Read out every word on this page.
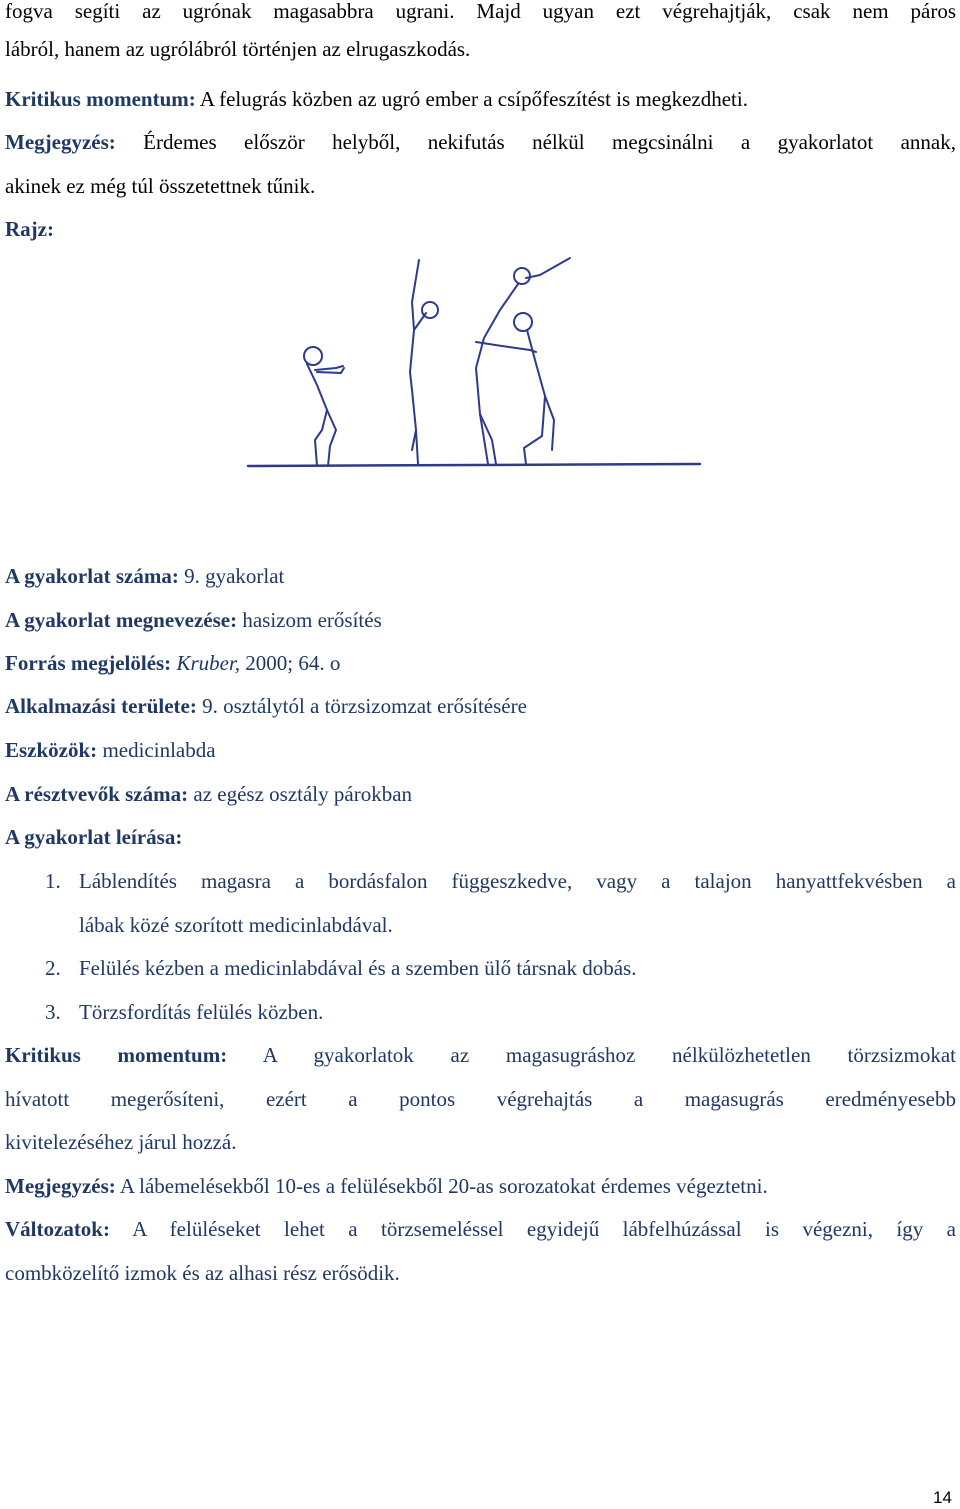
fogva segíti az ugrónak magasabbra ugrani. Majd ugyan ezt végrehajtják, csak nem páros
lábról, hanem az ugrólábról történjen az elrugaszkodás.
Kritikus momentum: A felugrás közben az ugró ember a csípőfeszítést is megkezdheti.
Megjegyzés: Érdemes először helyből, nekifutás nélkül megcsinálni a gyakorlatot annak,
akinek ez még túl összetettnek tűnik.
Rajz:
A gyakorlat száma: 9. gyakorlat
A gyakorlat megnevezése: hasizom erősítés
Forrás megjelölés: Kruber, 2000; 64. o
Alkalmazási területe: 9. osztálytól a törzsizomzat erősítésére
Eszközök: medicinlabda
A résztvevők száma: az egész osztály párokban
A gyakorlat leírása:
1. Láblendítés magasra a bordásfalon függeszkedve, vagy a talajon hanyattfekvésben a
lábak közé szorított medicinlabdával.
2. Felülés kézben a medicinlabdával és a szemben ülő társnak dobás.
3. Törzsfordítás felülés közben.
Kritikus momentum: A gyakorlatok az magasugráshoz nélkülözhetetlen törzsizmokat
hívatott megerősíteni, ezért a pontos végrehajtás a magasugrás eredményesebb
kivitelezéséhez járul hozzá.
Megjegyzés: A lábemelésekből 10-es a felülésekből 20-as sorozatokat érdemes végeztetni.
Változatok: A felüléseket lehet a törzsemeléssel egyidejű lábfelhúzással is végezni, így a
combközelítő izmok és az alhasi rész erősödik.
14
